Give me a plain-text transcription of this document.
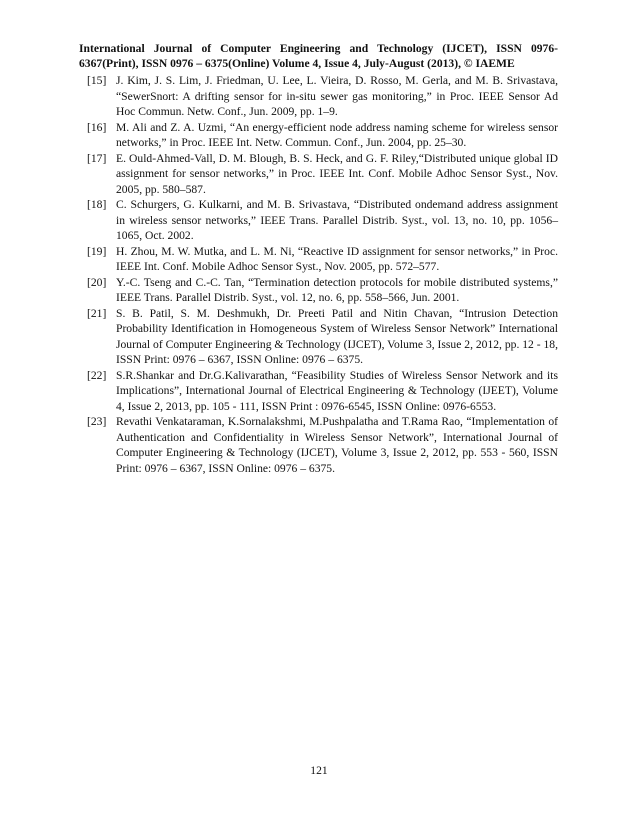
International Journal of Computer Engineering and Technology (IJCET), ISSN 0976-6367(Print), ISSN 0976 – 6375(Online) Volume 4, Issue 4, July-August (2013), © IAEME
[15] J. Kim, J. S. Lim, J. Friedman, U. Lee, L. Vieira, D. Rosso, M. Gerla, and M. B. Srivastava, “SewerSnort: A drifting sensor for in-situ sewer gas monitoring,” in Proc. IEEE Sensor Ad Hoc Commun. Netw. Conf., Jun. 2009, pp. 1–9.
[16] M. Ali and Z. A. Uzmi, “An energy-efficient node address naming scheme for wireless sensor networks,” in Proc. IEEE Int. Netw. Commun. Conf., Jun. 2004, pp. 25–30.
[17] E. Ould-Ahmed-Vall, D. M. Blough, B. S. Heck, and G. F. Riley,“Distributed unique global ID assignment for sensor networks,” in Proc. IEEE Int. Conf. Mobile Adhoc Sensor Syst., Nov. 2005, pp. 580–587.
[18] C. Schurgers, G. Kulkarni, and M. B. Srivastava, “Distributed ondemand address assignment in wireless sensor networks,” IEEE Trans. Parallel Distrib. Syst., vol. 13, no. 10, pp. 1056–1065, Oct. 2002.
[19] H. Zhou, M. W. Mutka, and L. M. Ni, “Reactive ID assignment for sensor networks,” in Proc. IEEE Int. Conf. Mobile Adhoc Sensor Syst., Nov. 2005, pp. 572–577.
[20] Y.-C. Tseng and C.-C. Tan, “Termination detection protocols for mobile distributed systems,” IEEE Trans. Parallel Distrib. Syst., vol. 12, no. 6, pp. 558–566, Jun. 2001.
[21] S. B. Patil, S. M. Deshmukh, Dr. Preeti Patil and Nitin Chavan, “Intrusion Detection Probability Identification in Homogeneous System of Wireless Sensor Network” International Journal of Computer Engineering & Technology (IJCET), Volume 3, Issue 2, 2012, pp. 12 - 18, ISSN Print: 0976 – 6367, ISSN Online: 0976 – 6375.
[22] S.R.Shankar and Dr.G.Kalivarathan, “Feasibility Studies of Wireless Sensor Network and its Implications”, International Journal of Electrical Engineering & Technology (IJEET), Volume 4, Issue 2, 2013, pp. 105 - 111, ISSN Print : 0976-6545, ISSN Online: 0976-6553.
[23] Revathi Venkataraman, K.Sornalakshmi, M.Pushpalatha and T.Rama Rao, “Implementation of Authentication and Confidentiality in Wireless Sensor Network”, International Journal of Computer Engineering & Technology (IJCET), Volume 3, Issue 2, 2012, pp. 553 - 560, ISSN Print: 0976 – 6367, ISSN Online: 0976 – 6375.
121
